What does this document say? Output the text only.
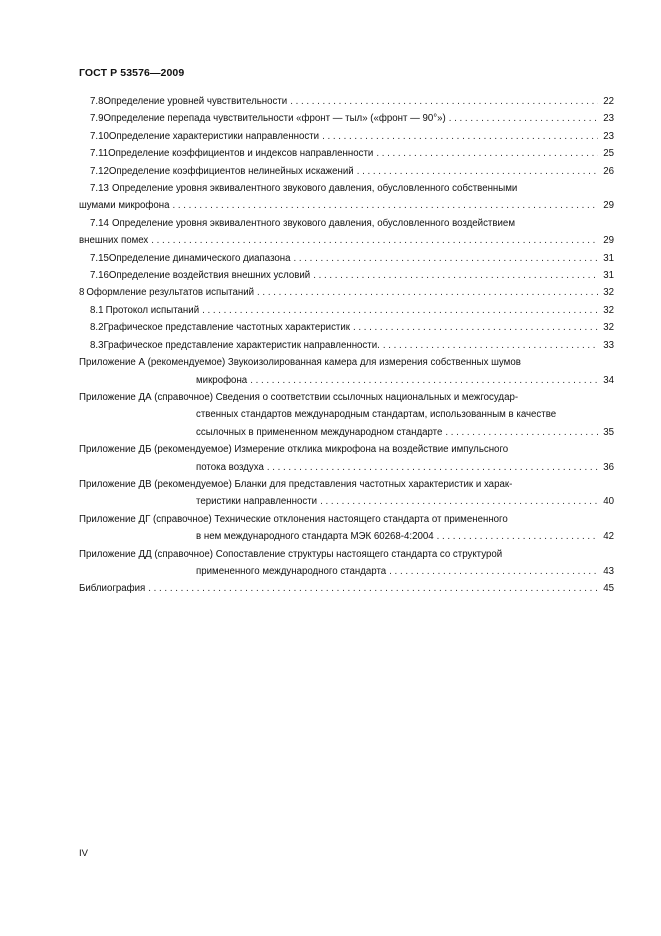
ГОСТ Р 53576—2009
7.8 Определение уровней чувствительности . . .	22
7.9 Определение перепада чувствительности «фронт — тыл» («фронт — 90°») . . .	23
7.10 Определение характеристики направленности . . .	23
7.11 Определение коэффициентов и индексов направленности . . .	25
7.12 Определение коэффициентов нелинейных искажений . . .	26
7.13 Определение уровня эквивалентного звукового давления, обусловленного собственными
шумами микрофона . . .	29
7.14 Определение уровня эквивалентного звукового давления, обусловленного воздействием
внешних помех . . .	29
7.15 Определение динамического диапазона . . .	31
7.16 Определение воздействия внешних условий . . .	31
8 Оформление результатов испытаний . . .	32
8.1 Протокол испытаний . . .	32
8.2 Графическое представление частотных характеристик . . .	32
8.3 Графическое представление характеристик направленности. . . .	33
Приложение А (рекомендуемое) Звукоизолированная камера для измерения собственных шумов
микрофона . . .	34
Приложение ДА (справочное) Сведения о соответствии ссылочных национальных и межгосудар-
ственных стандартов международным стандартам, использованным в качестве
ссылочных в примененном международном стандарте . . .	35
Приложение ДБ (рекомендуемое) Измерение отклика микрофона на воздействие импульсного
потока воздуха . . .	36
Приложение ДВ (рекомендуемое) Бланки для представления частотных характеристик и харак-
теристики направленности . . .	40
Приложение ДГ (справочное) Технические отклонения настоящего стандарта от примененного
в нем международного стандарта МЭК 60268-4:2004 . . .	42
Приложение ДД (справочное) Сопоставление структуры настоящего стандарта со структурой
примененного международного стандарта . . .	43
Библиография . . .	45
IV
